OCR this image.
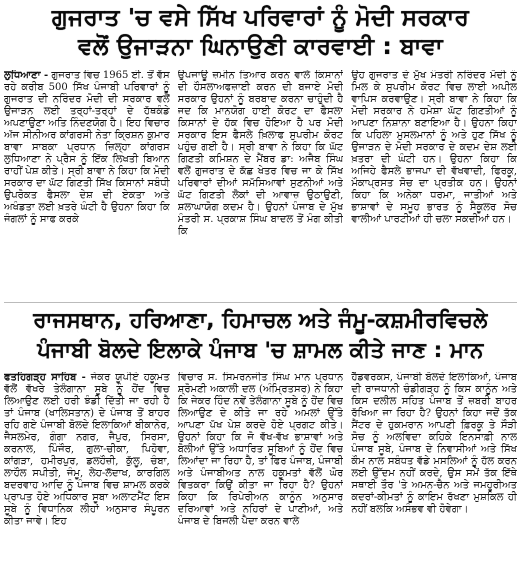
ਗੁਜਰਾਤ 'ਚ ਵਸੇ ਸਿੱਖ ਪਰਿਵਾਰਾਂ ਨੂੰ ਮੋਦੀ ਸਰਕਾਰ
ਵਲੋਂ ਉਜਾੜਨਾ ਘਿਨਾਉਣੀ ਕਾਰਵਾਈ : ਬਾਵਾ

ਲੁਧਿਆਣਾ - ਗੁਜਰਾਤ ਵਿਚ 1965 ਈ. ਤੋਂ ਵੱਸ ਰਹੇ ਕਰੀਬ 500 ਸਿੱਖ ਪੰਜਾਬੀ ਪਰਿਵਾਰਾਂ ਨੂੰ ਗੁਜਰਾਤ ਦੀ ਨਰਿੰਦਰ ਮੋਦੀ ਦੀ ਸਰਕਾਰ ਵਲੋਂ ਉਜਾੜਨ ਲਈ ਤਰ੍ਹਾਂ-ਤਰ੍ਹਾਂ ਦੇ ਹੱਥਕੰਡੇ ਅਪਣਾਉਣਾ ਅਤਿ ਨਿੰਦਣਯੋਗ ਹੈ। ਇਹ ਵਿਚਾਰ ਅੱਜ ਸੀਨੀਅਰ ਕਾਂਗਰਸੀ ਨੇਤਾ ਕ੍ਰਿਸ਼ਨ ਕੁਮਾਰ ਬਾਵਾ ਸਾਬਕਾ ਪ੍ਰਧਾਨ ਜ਼ਿਲ੍ਹਾ ਕਾਂਗਰਸ ਲੁਧਿਆਣਾ ਨੇ ਪ੍ਰੈਸ ਨੂੰ ਇੱਕ ਲਿਖਤੀ ਬਿਆਨ ਰਾਹੀਂ ਪੇਸ਼ ਕੀਤੇ। ਸ੍ਰੀ ਬਾਵਾ ਨੇ ਕਿਹਾ ਕਿ ਮੋਦੀ ਸਰਕਾਰ ਦਾ ਘੱਟ ਗਿਣਤੀ ਸਿੱਖ ਕਿਸਾਨਾਂ ਸਬੰਧੀ ਉਪਰੋਕਤ ਫੈਸਲਾ ਦੇਸ਼ ਦੀ ਏਕਤਾ ਅਤੇ ਅਖੰਡਤਾ ਲਈ ਖ਼ਤਰੇ ਘੰਟੀ ਹੈ ਉਹਨਾ ਕਿਹਾ ਕਿ ਜੰਗਲਾਂ ਨੂੰ ਸਾਫ ਕਰਕੇ

ਉਪਜਾਊ ਜ਼ਮੀਨ ਤਿਆਰ ਕਰਨ ਵਾਲੇ ਕਿਸਾਨਾਂ ਦੀ ਹੌਸਲਾਅਫਜ਼ਾਈ ਕਰਨ ਦੀ ਬਜਾਏ ਮੋਦੀ ਸਰਕਾਰ ਉਹਨਾਂ ਨੂੰ ਬਰਬਾਦ ਕਰਨਾ ਚਾਹੁੰਦੀ ਹੈ ਜਦ ਕਿ ਮਾਨਯੋਗ ਹਾਈ ਕੋਰਟ ਦਾ ਫੈਸਲਾ ਕਿਸਾਨਾਂ ਦੇ ਹੱਕ ਵਿਚ ਹੋਇਆ ਹੈ ਪਰ ਮੋਦੀ ਸਰਕਾਰ ਇਸ ਫੈਸਲੇ ਖ਼ਿਲਾਫ ਸੁਪਰੀਮ ਕੋਰਟ ਪਹੁੰਚ ਗਈ ਹੈ। ਸ੍ਰੀ ਬਾਵਾ ਨੇ ਕਿਹਾ ਕਿ ਘੱਟ ਗਿਣਤੀ ਕਮਿਸ਼ਨ ਦੇ ਮੈਂਬਰ ਡਾ: ਅਜੈਬ ਸਿੰਘ ਵਲੋਂ ਗੁਜਰਾਤ ਦੇ ਕੱਛ ਖੇਤਰ ਵਿਚ ਜਾ ਕੇ ਸਿੱਖ ਪਰਿਵਾਰਾਂ ਦੀਆਂ ਸਮੱਸਿਆਵਾਂ ਸੁਣਨੀਆਂ ਅਤੇ ਘੱਟ ਗਿਣਤੀ ਲੋਕਾਂ ਦੀ ਆਵਾਜ਼ ਉਠਾਉਣੀ, ਸ਼ਲਾਘਾਯੋਗ ਕਦਮ ਹੈ। ਉਹਨਾਂ ਪੰਜਾਬ ਦੇ ਮੁੱਖ ਮੰਤਰੀ ਸ. ਪ੍ਰਕਾਸ਼ ਸਿੰਘ ਬਾਦਲ ਤੋਂ ਮੰਗ ਕੀਤੀ ਕਿ

ਉਹ ਗੁਜਰਾਤ ਦੇ ਮੁੱਖ ਮੰਤਰੀ ਨਰਿੰਦਰ ਮੋਦੀ ਨੂੰ ਮਿਲ ਕੇ ਸੁਪਰੀਮ ਕੋਰਟ ਵਿਚ ਲਾਈ ਅਪੀਲ ਵਾਪਿਸ ਕਰਵਾਉਣ। ਸ੍ਰੀ ਬਾਵਾ ਨੇ ਕਿਹਾ ਕਿ ਮੋਦੀ ਸਰਕਾਰ ਨੇ ਹਮੇਸ਼ਾ ਘੱਟ ਗਿਣਤੀਆਂ ਨੂੰ ਆਪਣਾ ਨਿਸ਼ਾਨਾ ਬਣਾਇਆ ਹੈ। ਉਹਨਾ ਕਿਹਾ ਕਿ ਪਹਿਲਾ ਮੁਸਲਮਾਨਾਂ ਨੂੰ ਅਤੇ ਹੁਣ ਸਿੱਖ ਨੂੰ ਉਜਾੜਨ ਦੇ ਮੋਦੀ ਸਰਕਾਰ ਦੇ ਕਦਮ ਦੇਸ਼ ਲਈ ਖ਼ਤਰਾ ਦੀ ਘੰਟੀ ਹਨ। ਉਹਨਾ ਕਿਹਾ ਕਿ ਅਜਿਹੇ ਫੈਸਲੇ ਭਾਜਪਾ ਦੀ ਵੱਖਵਾਦੀ, ਫਿਰਕੂ, ਮੌਕਾਪ੍ਰਸਤ ਸੋਚ ਦਾ ਪ੍ਰਤੀਕ ਹਨ। ਉਹਨਾਂ ਕਿਹਾ ਕਿ ਅਨੇਕਾ ਧਰਮਾ, ਜਾਤੀਆਂ ਅਤੇ ਭਾਸ਼ਾਵਾਂ ਦੇ ਸਮੂਹ ਭਾਰਤ ਨੂੰ ਸੈਕੂਲਰ ਸੋਚ ਵਾਲੀਆਂ ਪਾਰਟੀਆਂ ਹੀ ਚਲਾ ਸਕਦੀਆਂ ਹਨ।

ਰਾਜਸਥਾਨ, ਹਰਿਆਣਾ, ਹਿਮਾਚਲ ਅਤੇ ਜੰਮੂ-ਕਸ਼ਮੀਰਵਿਚਲੇ
ਪੰਜਾਬੀ ਬੋਲਦੇ ਇਲਾਕੇ ਪੰਜਾਬ 'ਚ ਸ਼ਾਮਲ ਕੀਤੇ ਜਾਣ : ਮਾਨ

ਫਤਹਿਗੜ੍ਹ ਸਾਹਿਬ - ਜੇਕਰ ਯੂਪੀਏ ਹਕੂਮਤ ਵੱਲੋਂ ਵੱਖਰੇ ਤੇਲੰਗਾਨਾ ਸੂਬੇ ਨੂੰ ਹੋਂਦ ਵਿਚ ਲਿਆਉਣ ਲਈ ਹਰੀ ਝੰਡੀ ਦਿੱਤੀ ਜਾ ਰਹੀ ਹੈ ਤਾਂ ਪੰਜਾਬ (ਖਾਲਿਸਤਾਨ) ਦੇ ਪੰਜਾਬ ਤੋਂ ਬਾਹਰ ਰਹਿ ਗਏ ਪੰਜਾਬੀ ਬੋਲਦੇ ਇਲਾਕਿਆਂ ਬੀਕਾਨੇਰ, ਜੈਸਲਮੇਰ, ਗੰਗਾ ਨਗਰ, ਜੈਪੁਰ, ਸਿਰਸਾ, ਕਰਨਾਲ, ਪਿੰਜੌਰ, ਗੁਲਾ-ਚੀਕਾ, ਪਿਹੋਵਾ, ਕਾਂਗੜਾ, ਹਮੀਰਪੁਰ, ਡਲਹੌਜ਼ੀ, ਕੁੱਲੂ, ਚੰਬਾ, ਲਾਹੌਲ ਸਪੀਤੀ, ਜੰਮੂ, ਲੇਹ-ਲੱਦਾਖ, ਕਾਰਗਿਲ ਬਦਰਵਾਹ ਆਦਿ ਨੂੰ ਪੰਜਾਬ ਵਿਚ ਸ਼ਾਮਲ ਕਰਕੇ ਪ੍ਰਾਪਤ ਹੋਏ ਅਧਿਕਾਰ ਸੂਬਾ ਅਲਾਟਮੈਂਟ ਇਸ ਸੂਬੇ ਨੂੰ ਵਿਧਾਨਿਕ ਲੀਹਾਂ ਅਨੁਸਾਰ ਸੰਪੂਰਨ ਕੀਤਾ ਜਾਵੇ। ਇਹ

ਵਿਚਾਰ ਸ. ਸਿਮਰਨਜੀਤ ਸਿੰਘ ਮਾਨ ਪ੍ਰਧਾਨ ਸ਼੍ਰੋਮਣੀ ਅਕਾਲੀ ਦਲ (ਅੰਮ੍ਰਿਤਸਰ) ਨੇ ਕਿਹਾ ਕਿ ਜੇਕਰ ਹਿੰਦ ਨਵੇਂ ਤੇਲੰਗਾਨਾ ਸੂਬੇ ਨੂੰ ਹੋਂਦ ਵਿਚ ਲਿਆਉਣ ਦੇ ਕੀਤੇ ਜਾ ਰਹੇ ਅਮਲਾਂ ਉੱਤੇ ਆਪਣਾ ਪੱਖ ਪੇਸ਼ ਕਰਦੇ ਹੋਏ ਪ੍ਰਗਟ ਕੀਤੇ। ਉਹਨਾਂ ਕਿਹਾ ਕਿ ਜੋ ਵੱਖ-ਵੱਖ ਭਾਸ਼ਾਵਾਂ ਅਤੇ ਬੋਲੀਆਂ ਉੱਤੇ ਅਧਾਰਿਤ ਸੂਬਿਆਂ ਨੂੰ ਹੋਂਦ ਵਿਚ ਲਿਆਂਦਾ ਜਾ ਰਿਹਾ ਹੈ, ਤਾਂ ਫਿਰ ਪੰਜਾਬ, ਪੰਜਾਬੀ ਅਤੇ ਪੰਜਾਬੀਅਤ ਨਾਲ ਹਕੂਮਤਾਂ ਵੱਲੋਂ ਘੋਰ ਵਿਤਕਰਾ ਕਿਉਂ ਕੀਤਾ ਜਾ ਰਿਹਾ ਹੈ? ਉਹਨਾਂ ਕਿਹਾ ਕਿ ਰਿਪੇਰੀਅਨ ਕਾਨੂੰਨ ਅਨੁਸਾਰ ਦਰਿਆਵਾਂ ਅਤੇ ਨਹਿਰਾਂ ਦੇ ਪਾਣੀਆਂ, ਅਤੇ ਪੰਜਾਬ ਦੇ ਬਿਜਲੀ ਪੈਦਾ ਕਰਨ ਵਾਲੇ

ਹੈੱਡਵਰਕਸ, ਪੰਜਾਬੀ ਬੋਲਦੇ ਇਲਾਕਿਆਂ, ਪੰਜਾਬ ਦੀ ਰਾਜਧਾਨੀ ਚੰਡੀਗੜ੍ਹ ਨੂੰ ਕਿਸ ਕਾਨੂੰਨ ਅਤੇ ਕਿਸ ਦਲੀਲ ਸਹਿਤ ਪੰਜਾਬ ਤੋਂ ਜ਼ਬਰੀ ਬਾਹਰ ਰੱਖਿਆ ਜਾ ਰਿਹਾ ਹੈ? ਉਹਨਾਂ ਕਿਹਾ ਜਦੋਂ ਤੱਕ ਸੈਂਟਰ ਦੇ ਹੁਕਮਰਾਨ ਆਪਣੀ ਫ਼ਿਰਕੂ ਤੇ ਸੌੜੀ ਸੋਚ ਨੂੰ ਅਲਵਿਦਾ ਕਹਿਕੇ ਇਨਸਾਫ਼ੀ ਨਾਲ ਪੰਜਾਬ ਸੂਬੇ, ਪੰਜਾਬ ਦੇ ਨਿਵਾਸੀਆਂ ਅਤੇ ਸਿੱਖ ਕੌਮ ਨਾਲ ਸਬੰਧਤ ਵੱਡੇ ਮਸਲਿਆਂ ਨੂੰ ਹੱਲ ਕਰਨ ਲਈ ਉੱਦਮ ਨਹੀਂ ਕਰਦੇ, ਉਸ ਸਮੇਂ ਤੱਕ ਇੱਥੇ ਸਥਾਈ ਤੌਰ 'ਤੇ ਅਮਨ-ਚੈਨ ਅਤੇ ਜਮਹੂਰੀਅਤ ਕਦਰਾਂ-ਕੀਮਤਾਂ ਨੂੰ ਕਾਇਮ ਰੱਖਣਾ ਮੁਸ਼ਕਿਲ ਹੀ ਨਹੀਂ ਬਲਕਿ ਅਸੰਭਵ ਵੀ ਹੋਵੇਗਾ।
